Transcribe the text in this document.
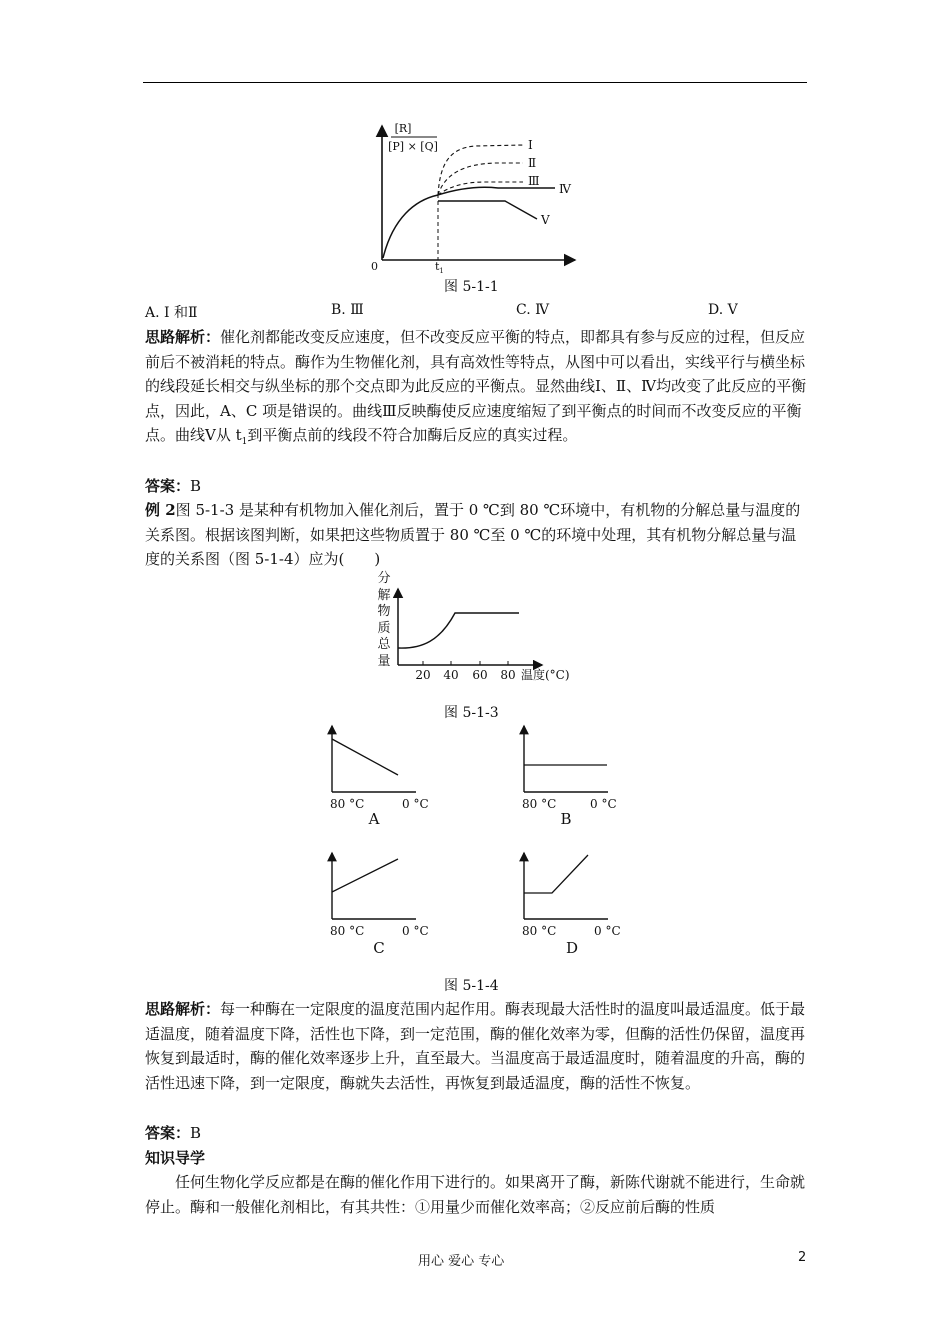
[R]
[P] × [Q]
0	$t_1$
Ⅰ
Ⅱ
Ⅲ
Ⅳ
Ⅴ
图 5-1-1
A. Ⅰ 和Ⅱ	B. Ⅲ	C. Ⅳ	D. Ⅴ
思路解析：催化剂都能改变反应速度，但不改变反应平衡的特点，即都具有参与反应的过程，但反应前后不被消耗的特点。酶作为生物催化剂，具有高效性等特点，从图中可以看出，实线平行与横坐标的线段延长相交与纵坐标的那个交点即为此反应的平衡点。显然曲线Ⅰ、Ⅱ、Ⅳ均改变了此反应的平衡点，因此，A、C 项是错误的。曲线Ⅲ反映酶使反应速度缩短了到平衡点的时间而不改变反应的平衡点。曲线Ⅴ从 $t_1$到平衡点前的线段不符合加酶后反应的真实过程。
答案：B
例 2图 5-1-3 是某种有机物加入催化剂后，置于 0 ℃到 80 ℃环境中，有机物的分解总量与温度的关系图。根据该图判断，如果把这些物质置于 80 ℃至 0 ℃的环境中处理，其有机物分解总量与温度的关系图（图 5-1-4）应为(　　)
分
解
物
质
总
量
20 40 60 80 温度(°C)
图 5-1-3
80 °C	0 °C
A
80 °C	0 °C
B
80 °C	0 °C
C
80 °C	0 °C
D
图 5-1-4
思路解析：每一种酶在一定限度的温度范围内起作用。酶表现最大活性时的温度叫最适温度。低于最适温度，随着温度下降，活性也下降，到一定范围，酶的催化效率为零，但酶的活性仍保留，温度再恢复到最适时，酶的催化效率逐步上升，直至最大。当温度高于最适温度时，随着温度的升高，酶的活性迅速下降，到一定限度，酶就失去活性，再恢复到最适温度，酶的活性不恢复。
答案：B
知识导学
任何生物化学反应都是在酶的催化作用下进行的。如果离开了酶，新陈代谢就不能进行，生命就停止。酶和一般催化剂相比，有其共性：①用量少而催化效率高；②反应前后酶的性质
用心 爱心 专心	2
